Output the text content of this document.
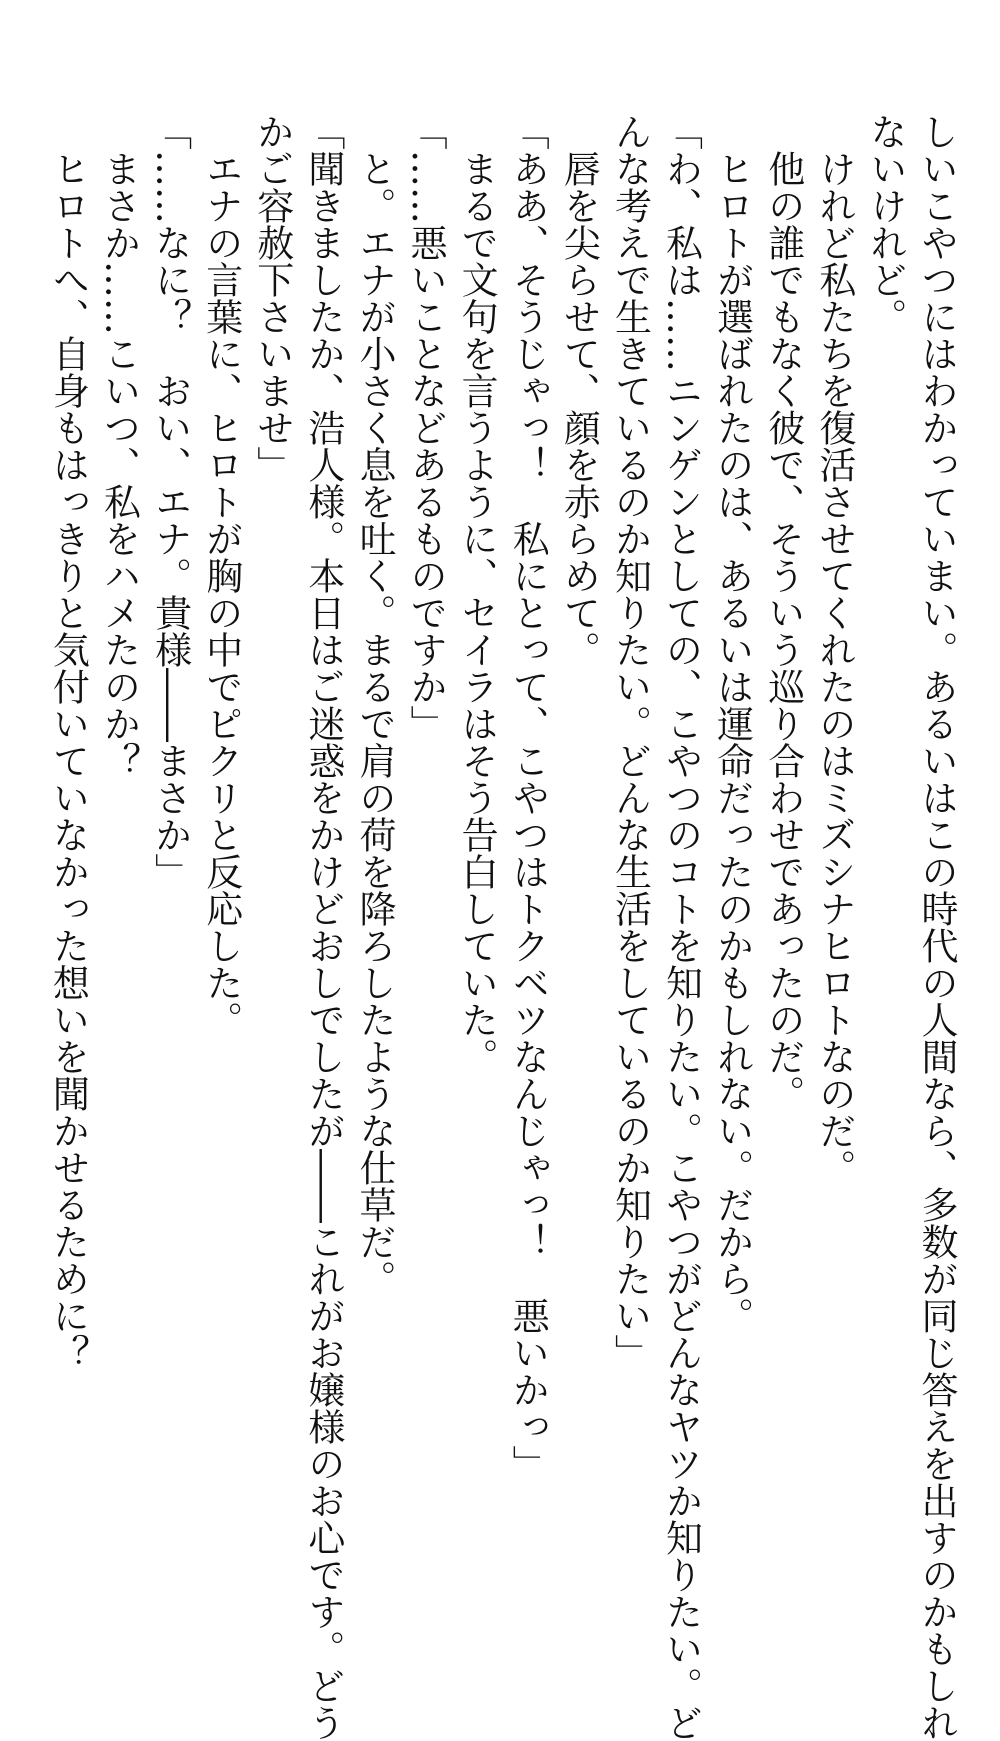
しいこやつにはわかっていまい。あるいはこの時代の人間なら、多数が同じ答えを出すのかもしれ
ないけれど。
　けれど私たちを復活させてくれたのはミズシナヒロトなのだ。
　他の誰でもなく彼で、そういう巡り合わせであったのだ。
　ヒロトが選ばれたのは、あるいは運命だったのかもしれない。だから。
「わ、私は……ニンゲンとしての、こやつのコトを知りたい。こやつがどんなヤツか知りたい。ど
んな考えで生きているのか知りたい。どんな生活をしているのか知りたい」
　唇を尖らせて、顔を赤らめて。
「ああ、そうじゃっ！　私にとって、こやつはトクベツなんじゃっ！　悪いかっ」
　まるで文句を言うように、セイラはそう告白していた。
「……悪いことなどあるものですか」
　と。エナが小さく息を吐く。まるで肩の荷を降ろしたような仕草だ。
「聞きましたか、浩人様。本日はご迷惑をかけどおしでしたが――これがお嬢様のお心です。どう
かご容赦下さいませ」
　エナの言葉に、ヒロトが胸の中でピクリと反応した。
「……なに？　おい、エナ。貴様――まさか」
　まさか……こいつ、私をハメたのか？
　ヒロトへ、自身もはっきりと気付いていなかった想いを聞かせるために？
